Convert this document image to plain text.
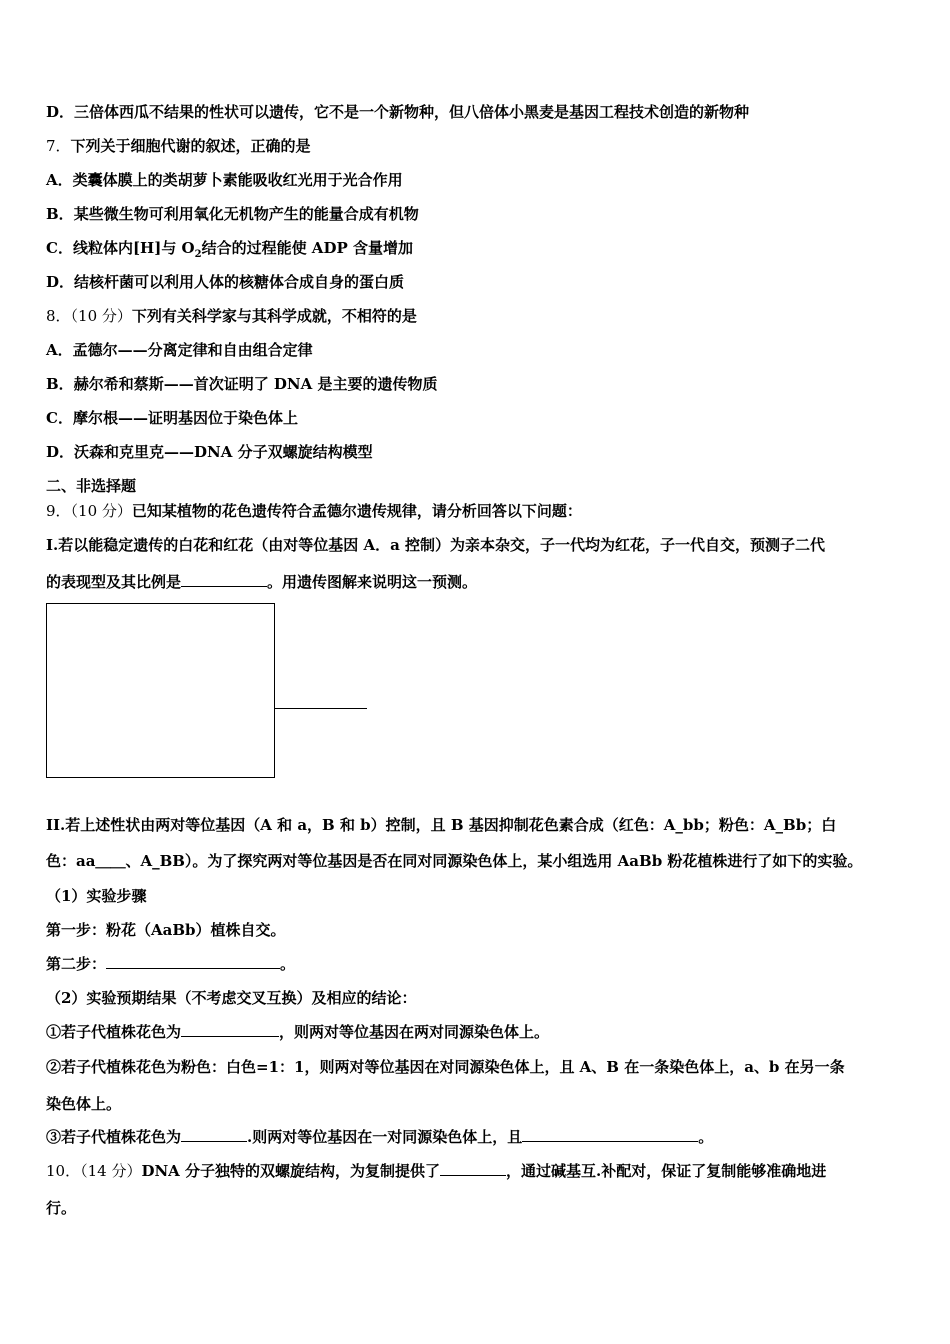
D．三倍体西瓜不结果的性状可以遗传，它不是一个新物种，但八倍体小黑麦是基因工程技术创造的新物种
7．下列关于细胞代谢的叙述，正确的是
A．类囊体膜上的类胡萝卜素能吸收红光用于光合作用
B．某些微生物可利用氧化无机物产生的能量合成有机物
C．线粒体内[H]与 $O_2$结合的过程能使 ADP 含量增加
D．结核杆菌可以利用人体的核糖体合成自身的蛋白质
8．（10 分）下列有关科学家与其科学成就，不相符的是
A．孟德尔——分离定律和自由组合定律
B．赫尔希和蔡斯——首次证明了 DNA 是主要的遗传物质
C．摩尔根——证明基因位于染色体上
D．沃森和克里克——DNA 分子双螺旋结构模型
二、非选择题
9．（10 分）已知某植物的花色遗传符合孟德尔遗传规律，请分析回答以下问题：
I.若以能稳定遗传的白花和红花（由对等位基因 A．a 控制）为亲本杂交，子一代均为红花，子一代自交，预测子二代
的表现型及其比例是	。用遗传图解来说明这一预测。
II.若上述性状由两对等位基因（A 和 a，B 和 b）控制，且 B 基因抑制花色素合成（红色：A_bb；粉色：A_Bb；白
色：aa＿＿、A_BB）。为了探究两对等位基因是否在同对同源染色体上，某小组选用 AaBb 粉花植株进行了如下的实验。
（1）实验步骤
第一步：粉花（AaBb）植株自交。
第二步：	。
（2）实验预期结果（不考虑交叉互换）及相应的结论：
①若子代植株花色为	，则两对等位基因在两对同源染色体上。
②若子代植株花色为粉色：白色=1：1，则两对等位基因在对同源染色体上，且 A、B 在一条染色体上，a、b 在另一条
染色体上。
③若子代植株花色为	.则两对等位基因在一对同源染色体上，且	。
10．（14 分）DNA 分子独特的双螺旋结构，为复制提供了	，通过碱基互.补配对，保证了复制能够准确地进
行。
